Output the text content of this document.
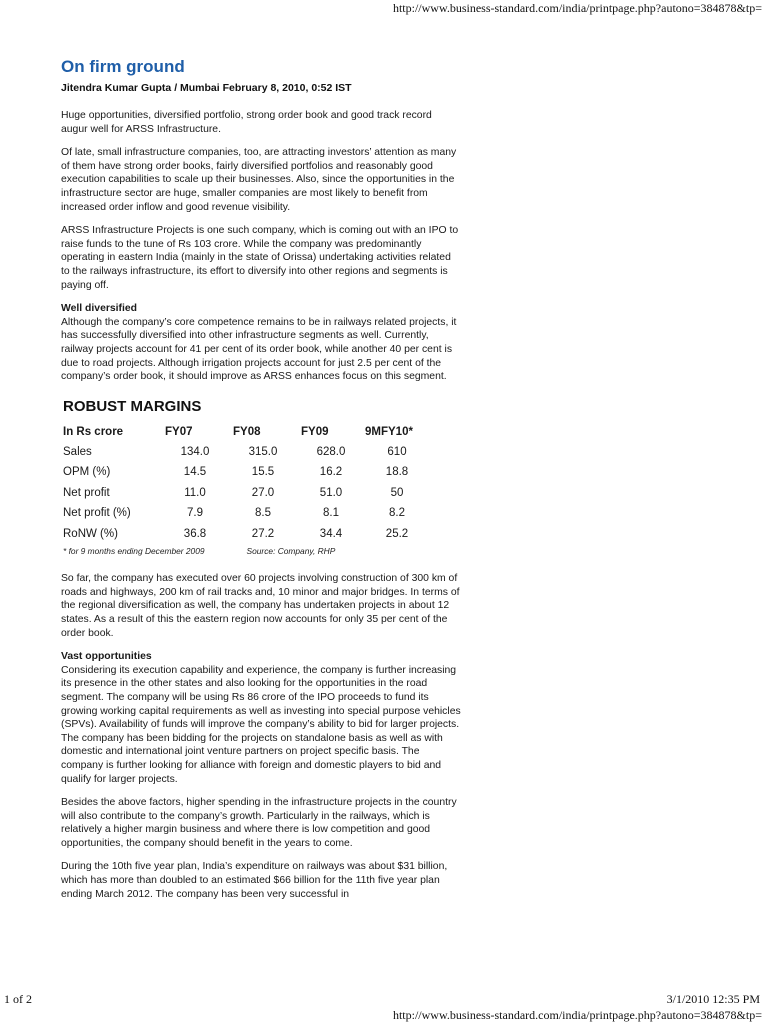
http://www.business-standard.com/india/printpage.php?autono=384878&tp=
On firm ground
Jitendra Kumar Gupta / Mumbai February 8, 2010, 0:52 IST

Huge opportunities, diversified portfolio, strong order book and good track record augur well for ARSS Infrastructure.

Of late, small infrastructure companies, too, are attracting investors’ attention as many of them have strong order books, fairly diversified portfolios and reasonably good execution capabilities to scale up their businesses. Also, since the opportunities in the infrastructure sector are huge, smaller companies are most likely to benefit from increased order inflow and good revenue visibility.

ARSS Infrastructure Projects is one such company, which is coming out with an IPO to raise funds to the tune of Rs 103 crore. While the company was predominantly operating in eastern India (mainly in the state of Orissa) undertaking activities related to the railways infrastructure, its effort to diversify into other regions and segments is paying off.

Well diversified

Although the company’s core competence remains to be in railways related projects, it has successfully diversified into other infrastructure segments as well. Currently, railway projects account for 41 per cent of its order book, while another 40 per cent is due to road projects. Although irrigation projects account for just 2.5 per cent of the company’s order book, it should improve as ARSS enhances focus on this segment.

ROBUST MARGINS
In Rs crore	FY07	FY08	FY09	9MFY10*
Sales	134.0	315.0	628.0	610
OPM (%)	14.5	15.5	16.2	18.8
Net profit	11.0	27.0	51.0	50
Net profit (%)	7.9	8.5	8.1	8.2
RoNW (%)	36.8	27.2	34.4	25.2
* for 9 months ending December 2009	Source: Company, RHP

So far, the company has executed over 60 projects involving construction of 300 km of roads and highways, 200 km of rail tracks and, 10 minor and major bridges. In terms of the regional diversification as well, the company has undertaken projects in about 12 states. As a result of this the eastern region now accounts for only 35 per cent of the order book.

Vast opportunities

Considering its execution capability and experience, the company is further increasing its presence in the other states and also looking for the opportunities in the road segment. The company will be using Rs 86 crore of the IPO proceeds to fund its growing working capital requirements as well as investing into special purpose vehicles (SPVs). Availability of funds will improve the company’s ability to bid for larger projects. The company has been bidding for the projects on standalone basis as well as with domestic and international joint venture partners on project specific basis. The company is further looking for alliance with foreign and domestic players to bid and qualify for larger projects.

Besides the above factors, higher spending in the infrastructure projects in the country will also contribute to the company’s growth. Particularly in the railways, which is relatively a higher margin business and where there is low competition and good opportunities, the company should benefit in the years to come.

During the 10th five year plan, India’s expenditure on railways was about $31 billion, which has more than doubled to an estimated $66 billion for the 11th five year plan ending March 2012. The company has been very successful in

1 of 2	3/1/2010 12:35 PM
http://www.business-standard.com/india/printpage.php?autono=384878&tp=
